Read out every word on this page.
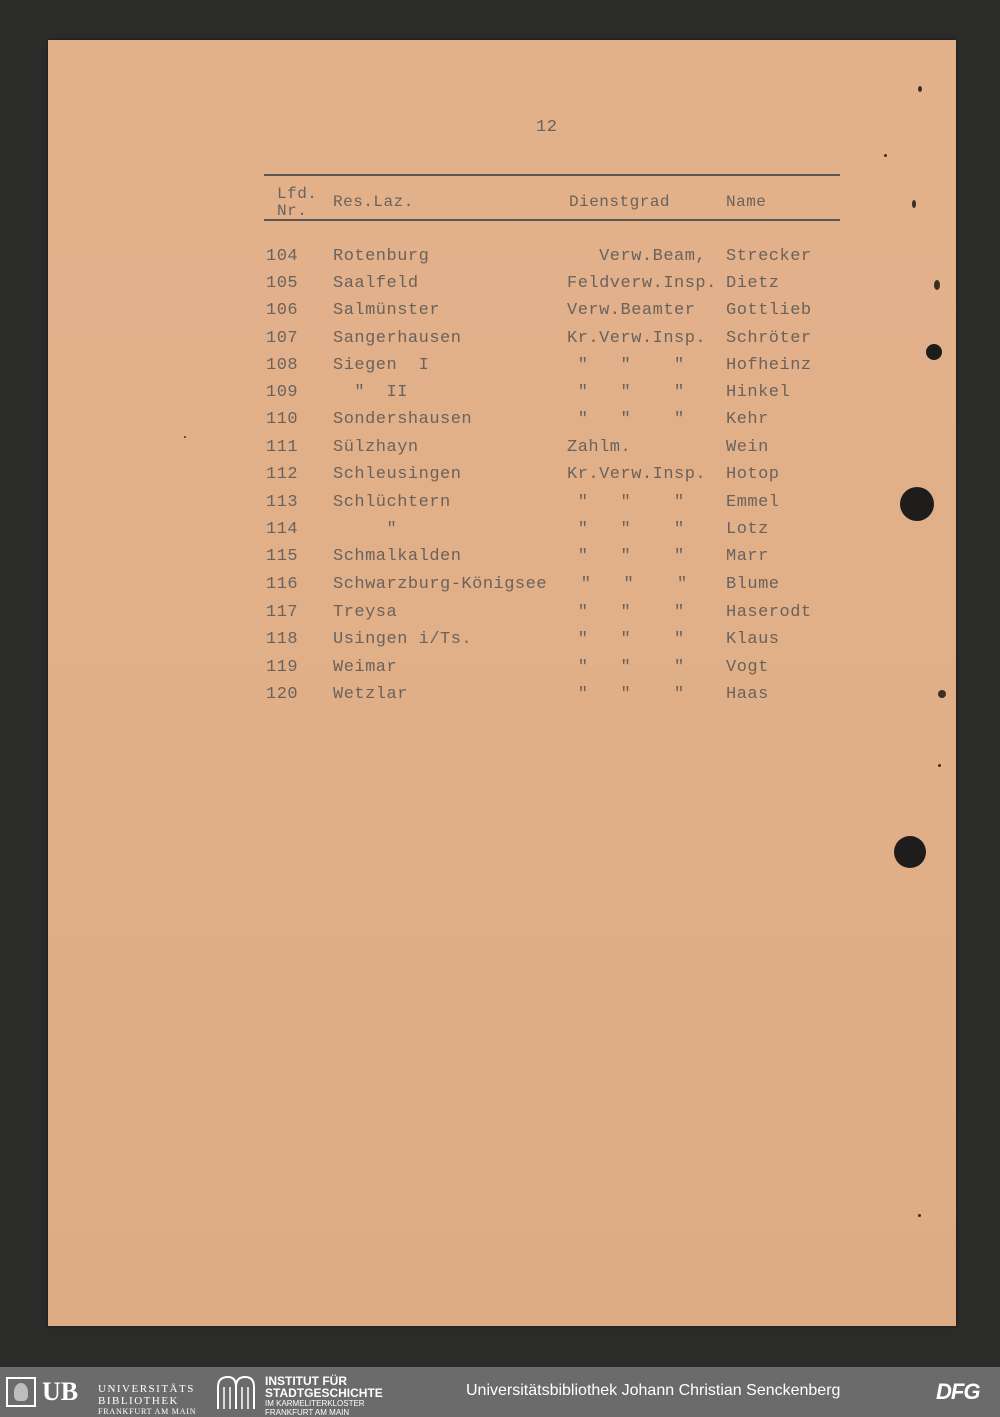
12
Lfd.
Nr. Res.Laz.	Dienstgrad	Name
104 Rotenburg	Verw.Beam, Strecker
105 Saalfeld	Feldverw.Insp. Dietz
106 Salmünster	Verw.Beamter Gottlieb
107 Sangerhausen	Kr.Verw.Insp. Schröter
108 Siegen  I	"   "    " Hofheinz
109 "  II	"   "    " Hinkel
110 Sondershausen	"   "    " Kehr
111 Sülzhayn	Zahlm.	Wein
112 Schleusingen	Kr.Verw.Insp. Hotop
113 Schlüchtern	"   "    " Emmel
114 "	"   "    " Lotz
115 Schmalkalden	"   "    " Marr
116 Schwarzburg-Königsee "   "    " Blume
117 Treysa	"   "    " Haserodt
118 Usingen i/Ts.	"   "    " Klaus
119 Weimar	"   "    " Vogt
120 Wetzlar	"   "    " Haas
UB UNIVERSITÄTS
BIBLIOTHEK
FRANKFURT AM MAIN
INSTITUT FÜR
STADTGESCHICHTE
IM KARMELITERKLOSTER
FRANKFURT AM MAIN
Universitätsbibliothek Johann Christian Senckenberg	DFG
